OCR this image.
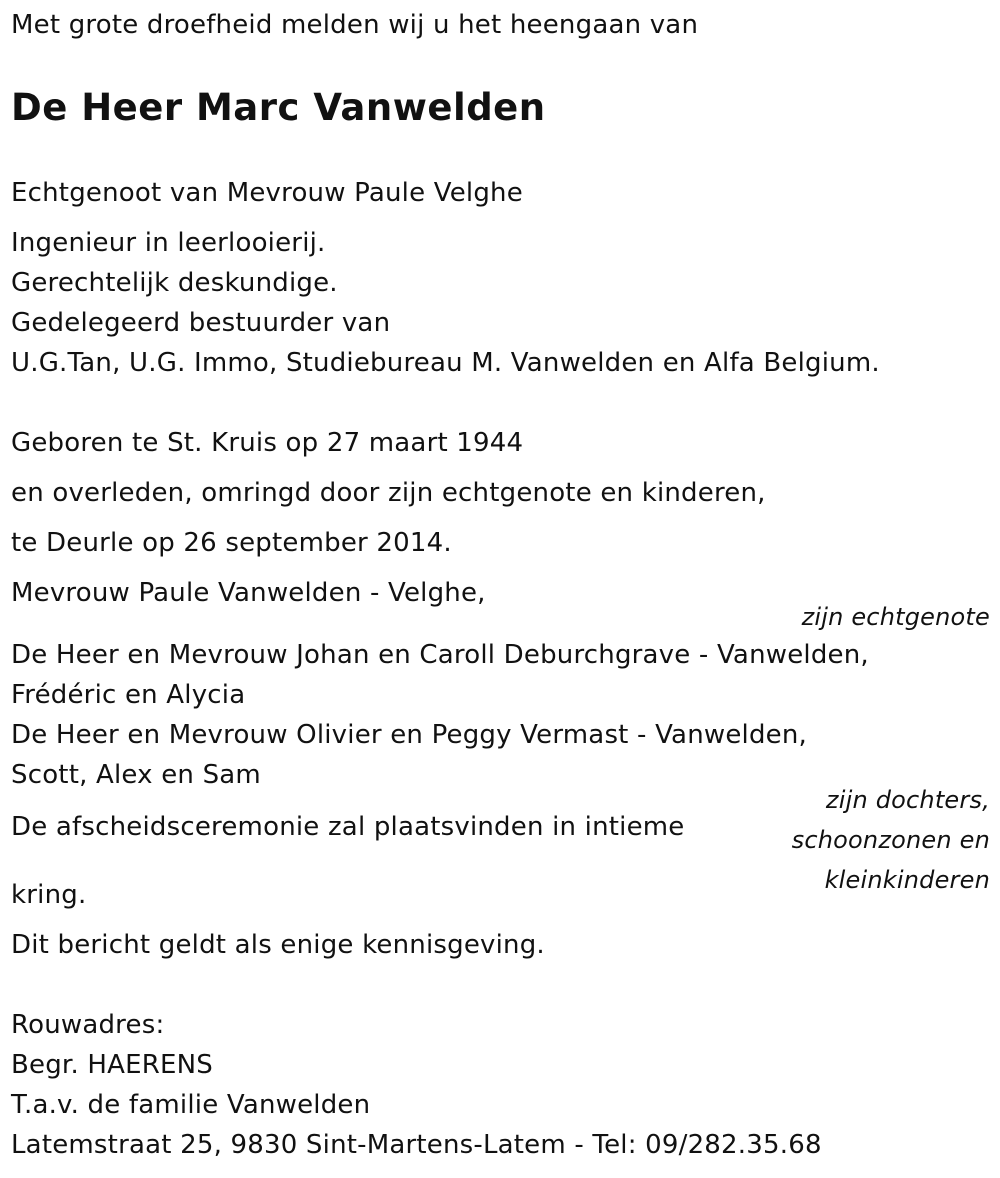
Met grote droefheid melden wij u het heengaan van
De Heer Marc Vanwelden
Echtgenoot van Mevrouw Paule Velghe
Ingenieur in leerlooierij.
Gerechtelijk deskundige.
Gedelegeerd bestuurder van
U.G.Tan, U.G. Immo, Studiebureau M. Vanwelden en Alfa Belgium.
Geboren te St. Kruis op 27 maart 1944
en overleden, omringd door zijn echtgenote en kinderen,
te Deurle op 26 september 2014.
Mevrouw Paule Vanwelden - Velghe,
zijn echtgenote
De Heer en Mevrouw Johan en Caroll Deburchgrave - Vanwelden,
Frédéric en Alycia
De Heer en Mevrouw Olivier en Peggy Vermast - Vanwelden,
Scott, Alex en Sam
zijn dochters,
schoonzonen en
kleinkinderen
De afscheidsceremonie zal plaatsvinden in intieme
kring.
Dit bericht geldt als enige kennisgeving.
Rouwadres:
Begr. HAERENS
T.a.v. de familie Vanwelden
Latemstraat 25, 9830 Sint-Martens-Latem - Tel: 09/282.35.68
